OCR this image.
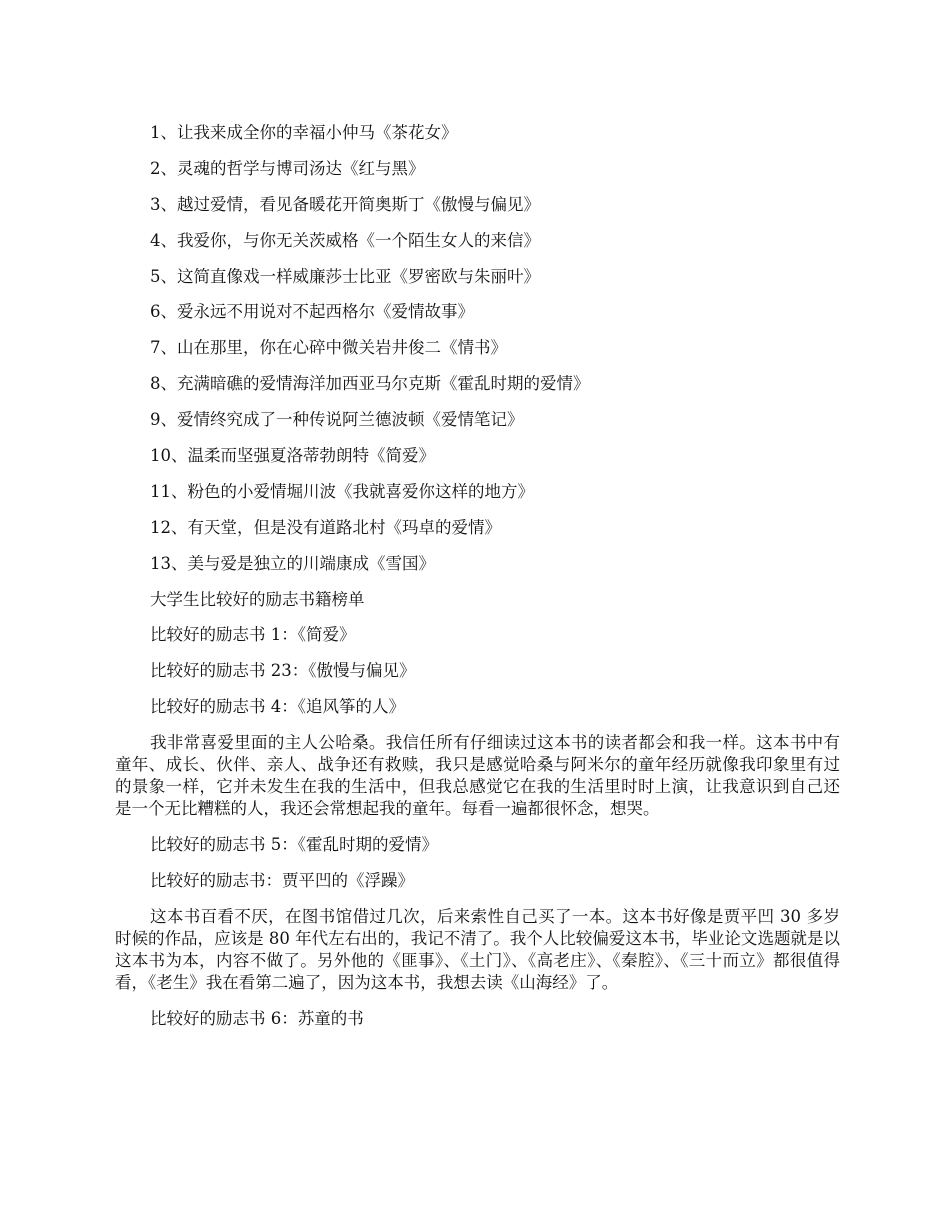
1、让我来成全你的幸福小仲马《茶花女》
2、灵魂的哲学与博司汤达《红与黑》
3、越过爱情，看见备暖花开简奥斯丁《傲慢与偏见》
4、我爱你，与你无关茨威格《一个陌生女人的来信》
5、这简直像戏一样威廉莎士比亚《罗密欧与朱丽叶》
6、爱永远不用说对不起西格尔《爱情故事》
7、山在那里，你在心碎中微关岩井俊二《情书》
8、充满暗礁的爱情海洋加西亚马尔克斯《霍乱时期的爱情》
9、爱情终究成了一种传说阿兰德波顿《爱情笔记》
10、温柔而坚强夏洛蒂勃朗特《简爱》
11、粉色的小爱情堀川波《我就喜爱你这样的地方》
12、有天堂，但是没有道路北村《玛卓的爱情》
13、美与爱是独立的川端康成《雪国》
大学生比较好的励志书籍榜单
比较好的励志书 1：《简爱》
比较好的励志书 23：《傲慢与偏见》
比较好的励志书 4：《追风筝的人》

我非常喜爱里面的主人公哈桑。我信任所有仔细读过这本书的读者都会和我一样。这本书中有童年、成长、伙伴、亲人、战争还有救赎，我只是感觉哈桑与阿米尔的童年经历就像我印象里有过的景象一样，它并未发生在我的生活中，但我总感觉它在我的生活里时时上演，让我意识到自己还是一个无比糟糕的人，我还会常想起我的童年。每看一遍都很怀念，想哭。

比较好的励志书 5：《霍乱时期的爱情》
比较好的励志书：贾平凹的《浮躁》

这本书百看不厌，在图书馆借过几次，后来索性自己买了一本。这本书好像是贾平凹 30 多岁时候的作品，应该是 80 年代左右出的，我记不清了。我个人比较偏爱这本书，毕业论文选题就是以这本书为本，内容不做了。另外他的《匪事》、《土门》、《高老庄》、《秦腔》、《三十而立》都很值得看，《老生》我在看第二遍了，因为这本书，我想去读《山海经》了。

比较好的励志书 6：苏童的书
